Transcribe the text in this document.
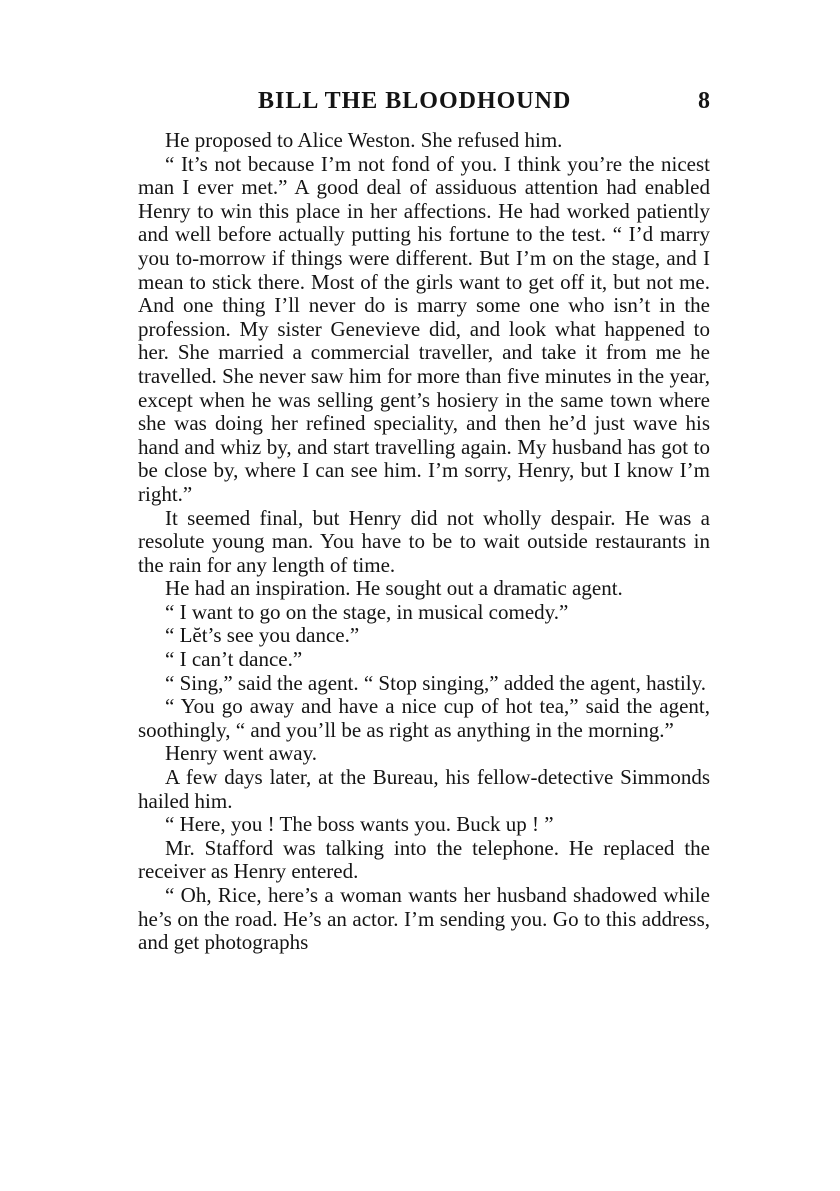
BILL THE BLOODHOUND	8

He proposed to Alice Weston. She refused him.

“ It’s not because I’m not fond of you. I think you’re the nicest man I ever met.” A good deal of assiduous attention had enabled Henry to win this place in her affections. He had worked patiently and well before actually putting his fortune to the test. “ I’d marry you to-morrow if things were different. But I’m on the stage, and I mean to stick there. Most of the girls want to get off it, but not me. And one thing I’ll never do is marry some one who isn’t in the profession. My sister Genevieve did, and look what happened to her. She married a commercial traveller, and take it from me he travelled. She never saw him for more than five minutes in the year, except when he was selling gent’s hosiery in the same town where she was doing her refined speciality, and then he’d just wave his hand and whiz by, and start travelling again. My husband has got to be close by, where I can see him. I’m sorry, Henry, but I know I’m right.”

It seemed final, but Henry did not wholly despair. He was a resolute young man. You have to be to wait outside restaurants in the rain for any length of time.

He had an inspiration. He sought out a dramatic agent.

“ I want to go on the stage, in musical comedy.”

“ Lĕt’s see you dance.”

“ I can’t dance.”

“ Sing,” said the agent. “ Stop singing,” added the agent, hastily.

“ You go away and have a nice cup of hot tea,” said the agent, soothingly, “ and you’ll be as right as anything in the morning.”

Henry went away.

A few days later, at the Bureau, his fellow-detective Simmonds hailed him.

“ Here, you ! The boss wants you. Buck up ! ”

Mr. Stafford was talking into the telephone. He replaced the receiver as Henry entered.

“ Oh, Rice, here’s a woman wants her husband shadowed while he’s on the road. He’s an actor. I’m sending you. Go to this address, and get photographs
